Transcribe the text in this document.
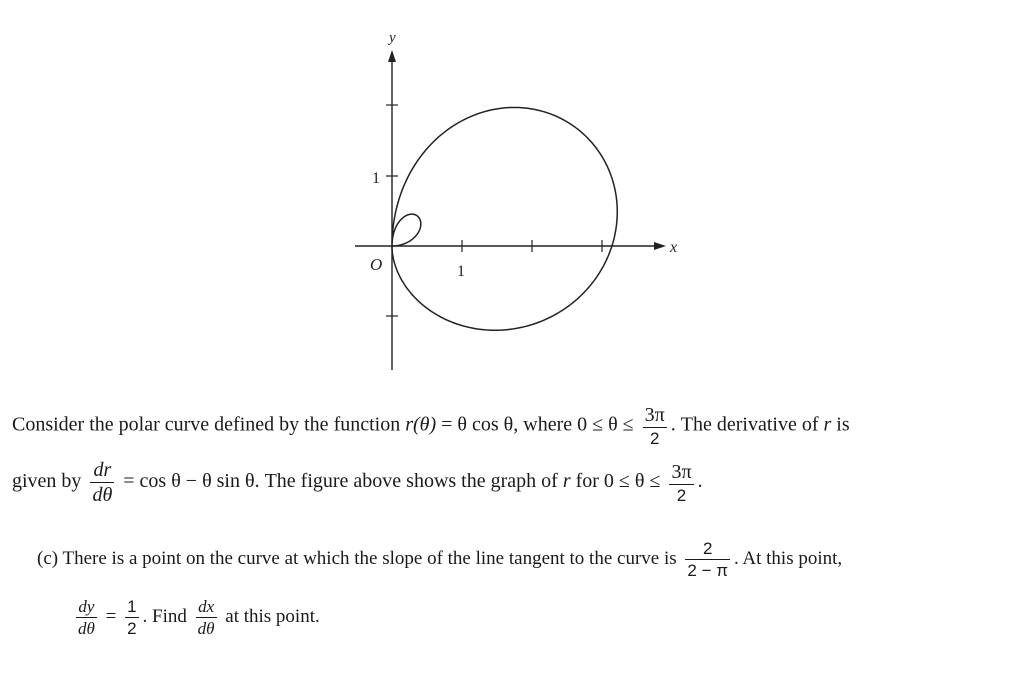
y
x
O
1
1
Consider the polar curve defined by the function r(θ) = θ cos θ, where $0 \le \theta \le \frac{3\pi}{2}$ . The derivative of r is
given by $\frac{dr}{d\theta} = \cos \theta - \theta$ sin θ. The figure above shows the graph of r for $0 \le \theta \le \frac{3\pi}{2}$ .
(c) There is a point on the curve at which the slope of the line tangent to the curve is $\frac{2}{2 - \pi}$ . At this point,
$\frac{dy}{d\theta} = \frac{1}{2}$ . Find $\frac{dx}{d\theta}$ at this point.
